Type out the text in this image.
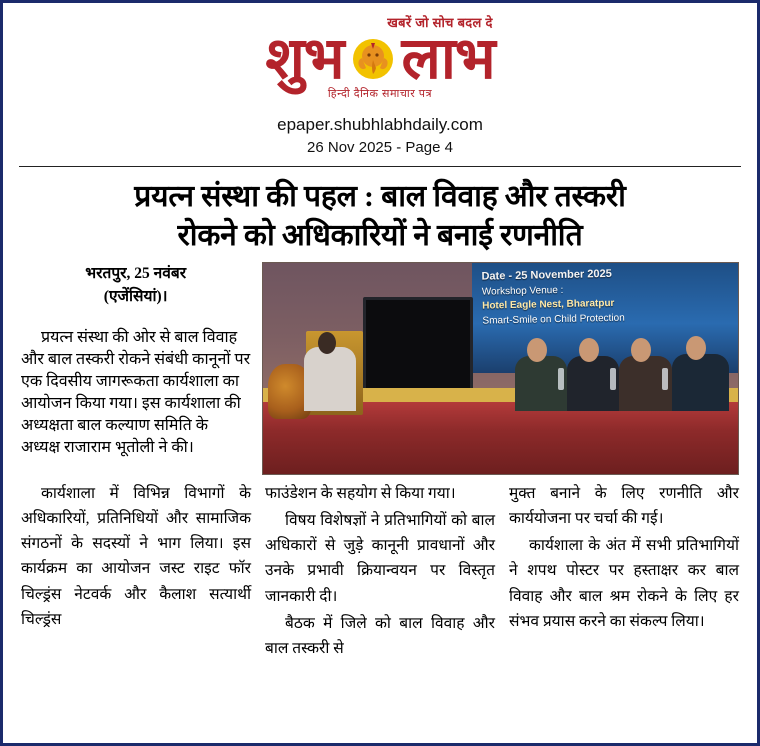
खबरें जो सोच बदल दे
शुभ लाभ
हिन्दी दैनिक समाचार पत्र
epaper.shubhlabhdaily.com
26 Nov 2025 - Page 4
प्रयत्न संस्था की पहल : बाल विवाह और तस्करी
रोकने को अधिकारियों ने बनाई रणनीति
भरतपुर, 25 नवंबर
(एजेंसियां)।

प्रयत्न संस्था की ओर से बाल विवाह और बाल तस्करी रोकने संबंधी कानूनों पर एक दिवसीय जागरूकता कार्यशाला का आयोजन किया गया। इस कार्यशाला की अध्यक्षता बाल कल्याण समिति के अध्यक्ष राजाराम भूतोली ने की।

Date - 25 November 2025
Workshop Venue :
Hotel Eagle Nest, Bharatpur
Smart-Smile on Child Protection

कार्यशाला में विभिन्न विभागों के अधिकारियों, प्रतिनिधियों और सामाजिक संगठनों के सदस्यों ने भाग लिया। इस कार्यक्रम का आयोजन जस्ट राइट फॉर चिल्ड्रंस नेटवर्क और कैलाश सत्यार्थी चिल्ड्रंस

फाउंडेशन के सहयोग से किया गया।

विषय विशेषज्ञों ने प्रतिभागियों को बाल अधिकारों से जुड़े कानूनी प्रावधानों और उनके प्रभावी क्रियान्वयन पर विस्तृत जानकारी दी।

बैठक में जिले को बाल विवाह और बाल तस्करी से

मुक्त बनाने के लिए रणनीति और कार्ययोजना पर चर्चा की गई।

कार्यशाला के अंत में सभी प्रतिभागियों ने शपथ पोस्टर पर हस्ताक्षर कर बाल विवाह और बाल श्रम रोकने के लिए हर संभव प्रयास करने का संकल्प लिया।
